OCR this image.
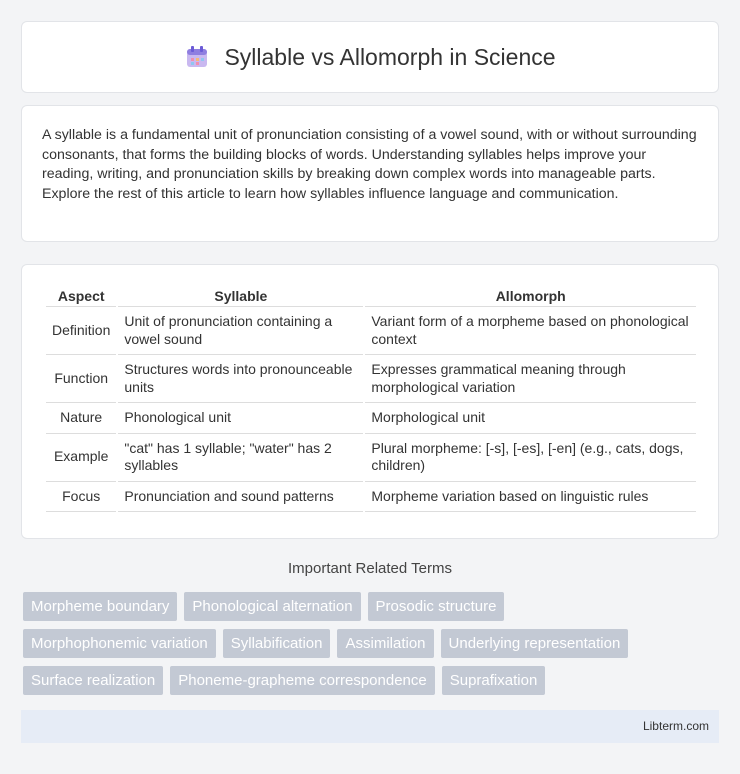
Syllable vs Allomorph in Science

A syllable is a fundamental unit of pronunciation consisting of a vowel sound, with or without surrounding consonants, that forms the building blocks of words. Understanding syllables helps improve your reading, writing, and pronunciation skills by breaking down complex words into manageable parts. Explore the rest of this article to learn how syllables influence language and communication.

Aspect	Syllable	Allomorph
Definition	Unit of pronunciation containing a vowel sound	Variant form of a morpheme based on phonological context
Function	Structures words into pronounceable units	Expresses grammatical meaning through morphological variation
Nature	Phonological unit	Morphological unit
Example	"cat" has 1 syllable; "water" has 2 syllables	Plural morpheme: [-s], [-es], [-en] (e.g., cats, dogs, children)
Focus	Pronunciation and sound patterns	Morpheme variation based on linguistic rules
Important Related Terms
Morpheme boundary Phonological alternation Prosodic structure
Morphophonemic variation Syllabification Assimilation Underlying representation
Surface realization Phoneme-grapheme correspondence Suprafixation
Libterm.com
